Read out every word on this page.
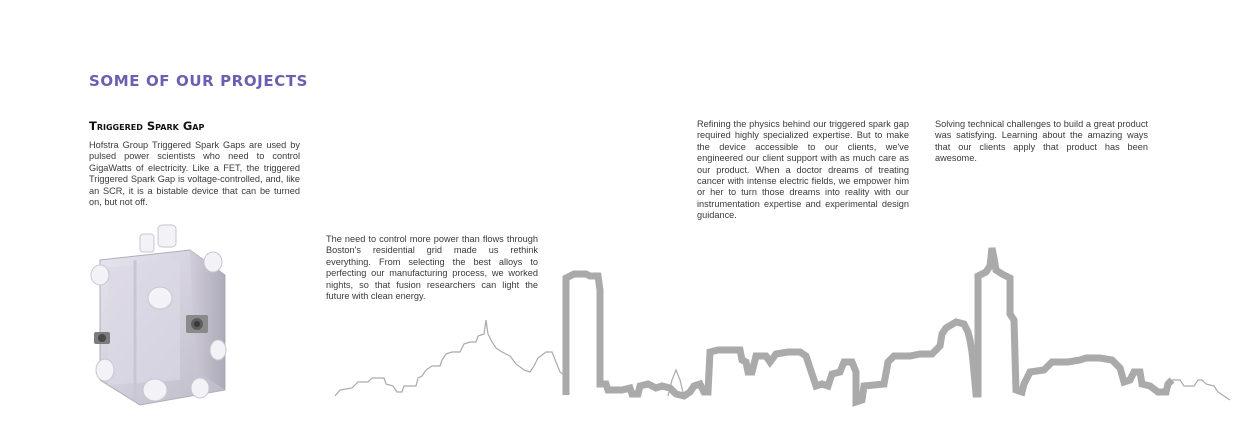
SOME OF OUR PROJECTS
Triggered Spark Gap
Hofstra Group Triggered Spark Gaps are used by pulsed power scientists who need to control GigaWatts of electricity. Like a FET, the triggered Triggered Spark Gap is voltage-controlled, and, like an SCR, it is a bistable device that can be turned on, but not off.
The need to control more power than flows through Boston's residential grid made us rethink everything. From selecting the best alloys to perfecting our manufacturing process, we worked nights, so that fusion researchers can light the future with clean energy.
Refining the physics behind our triggered spark gap required highly specialized expertise. But to make the device accessible to our clients, we've engineered our client support with as much care as our product. When a doctor dreams of treating cancer with intense electric fields, we empower him or her to turn those dreams into reality with our instrumentation expertise and experimental design guidance.
Solving technical challenges to build a great product was satisfying. Learning about the amazing ways that our clients apply that product has been awesome.
